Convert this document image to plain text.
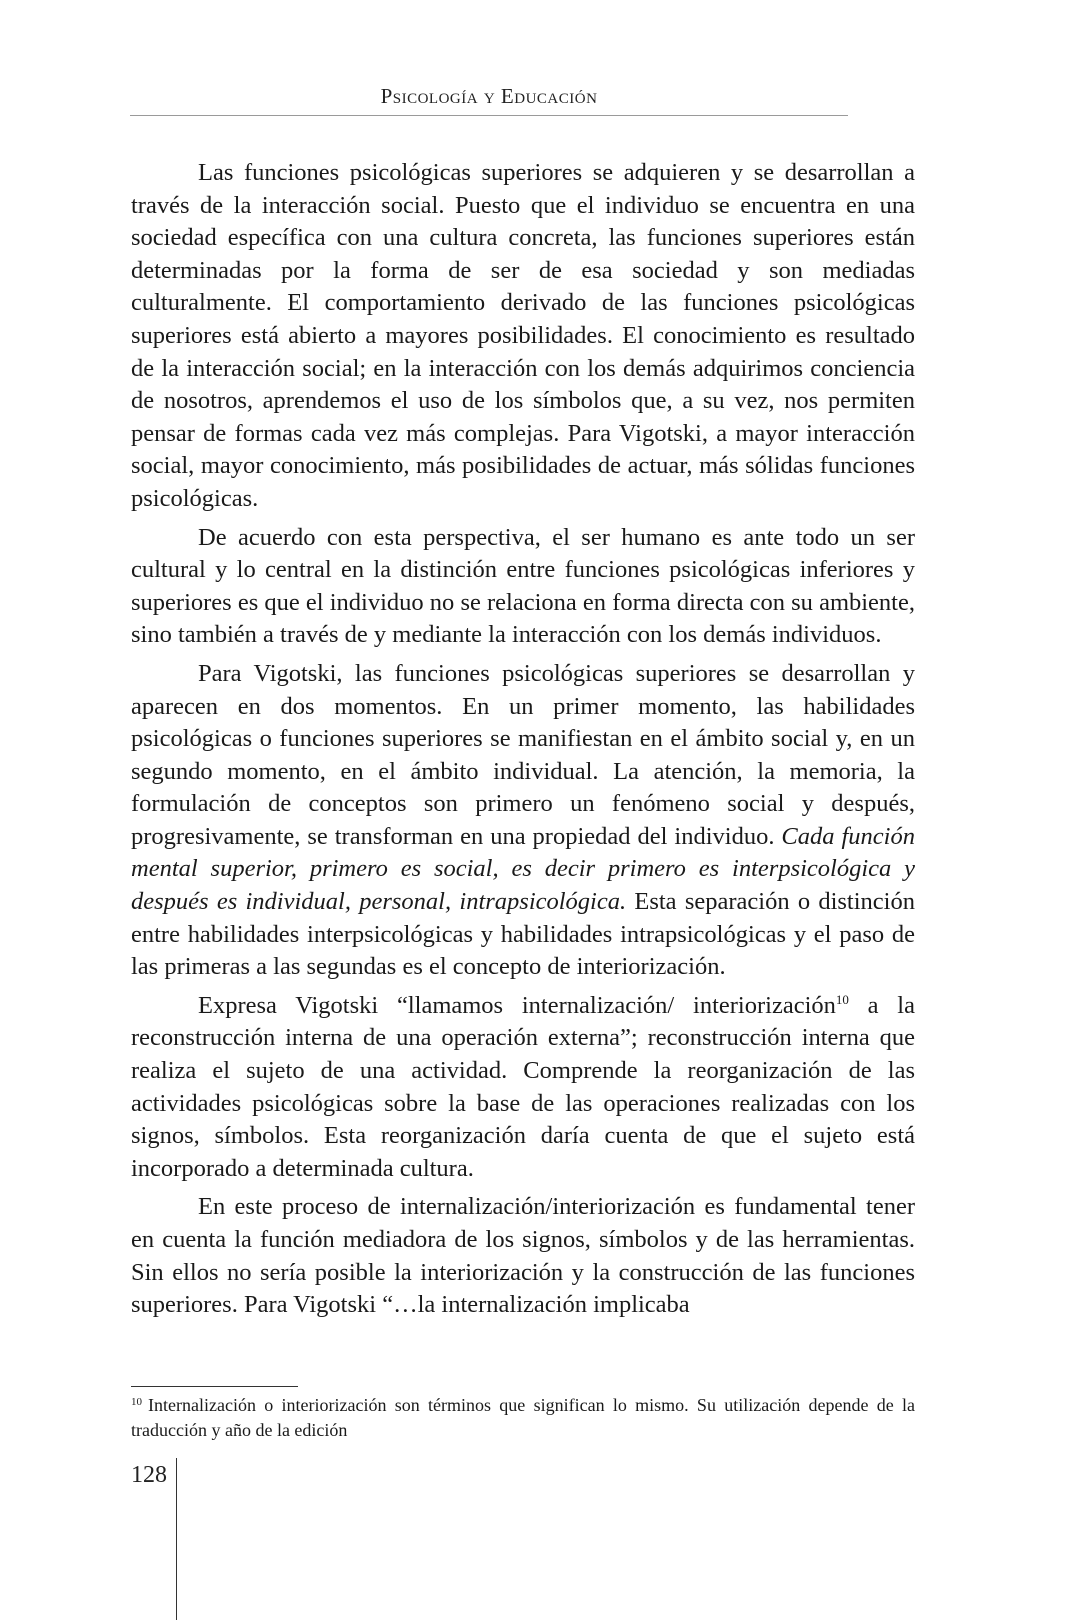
Psicología y Educación

Las funciones psicológicas superiores se adquieren y se desarrollan a través de la interacción social. Puesto que el individuo se encuentra en una sociedad específica con una cultura concreta, las funciones superiores están determinadas por la forma de ser de esa sociedad y son mediadas culturalmente. El comportamiento derivado de las funciones psicológicas superiores está abierto a mayores posibilidades. El conocimiento es resultado de la interacción social; en la interacción con los demás adquirimos conciencia de nosotros, aprendemos el uso de los símbolos que, a su vez, nos permiten pensar de formas cada vez más complejas. Para Vigotski, a mayor interacción social, mayor conocimiento, más posibilidades de actuar, más sólidas funciones psicológicas.

De acuerdo con esta perspectiva, el ser humano es ante todo un ser cultural y lo central en la distinción entre funciones psicológicas inferiores y superiores es que el individuo no se relaciona en forma directa con su ambiente, sino también a través de y mediante la interacción con los demás individuos.

Para Vigotski, las funciones psicológicas superiores se desarrollan y aparecen en dos momentos. En un primer momento, las habilidades psicológicas o funciones superiores se manifiestan en el ámbito social y, en un segundo momento, en el ámbito individual. La atención, la memoria, la formulación de conceptos son primero un fenómeno social y después, progresivamente, se transforman en una propiedad del individuo. Cada función mental superior, primero es social, es decir primero es interpsicológica y después es individual, personal, intrapsicológica. Esta separación o distinción entre habilidades interpsicológicas y habilidades intrapsicológicas y el paso de las primeras a las segundas es el concepto de interiorización.

Expresa Vigotski “llamamos internalización/ interiorización$^{10}$ a la reconstrucción interna de una operación externa”; reconstrucción interna que realiza el sujeto de una actividad. Comprende la reorganización de las actividades psicológicas sobre la base de las operaciones realizadas con los signos, símbolos. Esta reorganización daría cuenta de que el sujeto está incorporado a determinada cultura.

En este proceso de internalización/interiorización es fundamental tener en cuenta la función mediadora de los signos, símbolos y de las herramientas. Sin ellos no sería posible la interiorización y la construcción de las funciones superiores. Para Vigotski “…la internalización implicaba

$^{10}$ Internalización o interiorización son términos que significan lo mismo. Su utilización depende de la traducción y año de la edición
128
